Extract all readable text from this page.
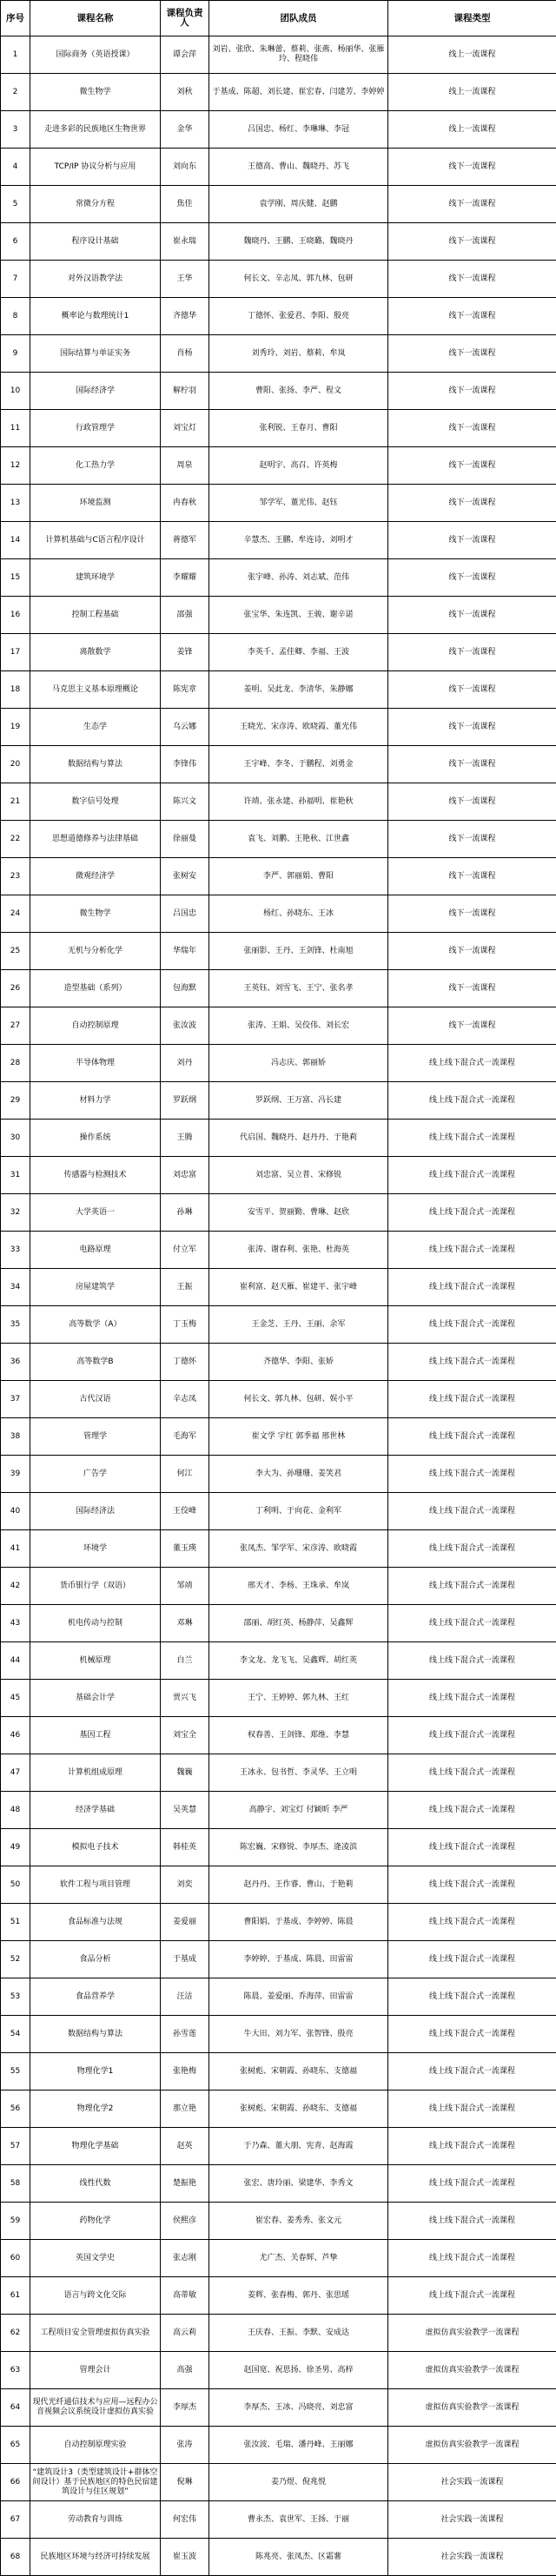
序号	课程名称	课程负责人	团队成员	课程类型
1	国际商务（英语授课）	谭会萍	刘岩、张欣、朱琳蕾、蔡莉、张燕、杨丽华、张雁玲、程晓伟	线上一流课程
2	微生物学	刘秋	于基成、陈超、刘长建、崔宏春、闫建芳、李婷婷	线上一流课程
3	走进多彩的民族地区生物世界	金华	吕国忠、杨红、李琳琳、李冠	线上一流课程
4	TCP/IP 协议分析与应用	刘向东	王德高、曹山、魏晓丹、苏飞	线下一流课程
5	常微分方程	焦佳	袁学刚、周庆健、赵鹏	线下一流课程
6	程序设计基础	崔永瑞	魏晓丹、王鹏、王晓璐、魏晓丹	线下一流课程
7	对外汉语教学法	王华	何长文、辛志凤、郭九林、包研	线下一流课程
8	概率论与数理统计1	齐德华	丁德怀、张爱君、李阳、殷亮	线下一流课程
9	国际结算与单证实务	肖杨	刘秀玲、刘岩、蔡莉、牟岚	线下一流课程
10	国际经济学	解柠羽	曹阳、张扬、李严、程文	线下一流课程
11	行政管理学	刘宝灯	张利锐、王春月、曹阳	线下一流课程
12	化工热力学	周泉	赵明宇、高召、许英梅	线下一流课程
13	环境监测	冉春秋	邹学军、董光伟、赵钰	线下一流课程
14	计算机基础与C语言程序设计	蒋德军	辛慧杰、王鹏、牟连诗、刘明才	线下一流课程
15	建筑环境学	李耀耀	张宇峰、孙涛、刘志斌、范伟	线下一流课程
16	控制工程基础	邵强	张宝华、朱连凯、王骏、谢辛诺	线下一流课程
17	离散数学	姜锋	李英千、孟佳卿、李福、王波	线下一流课程
18	马克思主义基本原理概论	陈宪章	姜明、吴此龙、李清华、朱静娜	线下一流课程
19	生态学	乌云娜	王晓光、宋彦涛、欧晓霞、董光伟	线下一流课程
20	数据结构与算法	李锋伟	王宇峰、李冬、于鹏程、刘勇金	线下一流课程
21	数字信号处理	陈兴文	许靖、张永建、孙福明、崔艳秋	线下一流课程
22	思想道德修养与法律基础	徐丽曼	袁飞、刘鹏、王艳秋、江世鑫	线下一流课程
23	微观经济学	张树安	李严、郭丽娟、曹阳	线下一流课程
24	微生物学	吕国忠	杨红、孙晓东、王冰	线下一流课程
25	无机与分析化学	华瑞年	张丽影、王丹、王剑锋、杜南旭	线下一流课程
26	造型基础（系列）	包海默	王英钰、刘雪飞、王宁、张名孝	线下一流课程
27	自动控制原理	张汝波	张涛、王娟、吴佼伟、刘长宏	线下一流课程
28	半导体物理	刘丹	冯志庆、郭丽娇	线上线下混合式一流课程
29	材料力学	罗跃纲	罗跃纲、王万富、冯长建	线上线下混合式一流课程
30	操作系统	王腾	代启国、魏晓丹、赵丹丹、于艳莉	线上线下混合式一流课程
31	传感器与检测技术	刘忠富	刘忠富、吴立普、宋修锐	线上线下混合式一流课程
32	大学英语一	孙琳	安雪平、贺丽勤、曹琳、赵欣	线上线下混合式一流课程
33	电路原理	付立军	张涛、谢春利、张艳、杜海英	线上线下混合式一流课程
34	房屋建筑学	王振	崔利富、赵天雁、崔建平、张宇峰	线上线下混合式一流课程
35	高等数学（A）	丁玉梅	王金芝、王丹、王丽、余军	线上线下混合式一流课程
36	高等数学B	丁德怀	齐德华、李阳、张娇	线上线下混合式一流课程
37	古代汉语	辛志凤	何长文、郭九林、包研、娱小平	线上线下混合式一流课程
38	管理学	毛海军	崔文学 宇红 郭季福 邢世林	线上线下混合式一流课程
39	广告学	何江	李大为、孙珊珊、姜笑君	线上线下混合式一流课程
40	国际经济法	王佼峰	丁利明、于向花、金利军	线上线下混合式一流课程
41	环境学	董玉瑛	张凤杰、邹学军、宋彦涛、欧晓霞	线上线下混合式一流课程
42	货币银行学（双语）	邹靖	邢天才、李杨、王珠承、牟岚	线上线下混合式一流课程
43	机电传动与控制	邓琳	邵丽、胡红英、杨静萍、吴鑫辉	线上线下混合式一流课程
44	机械原理	白兰	李文龙、龙飞飞、吴鑫辉、胡红英	线上线下混合式一流课程
45	基础会计学	贾兴飞	王宁、王婷婷、郭九林、王红	线上线下混合式一流课程
46	基因工程	刘宝全	权春善、王剑锋、郑维、李慧	线上线下混合式一流课程
47	计算机组成原理	魏巍	王冰永、包书哲、李灵华、王立明	线上线下混合式一流课程
48	经济学基础	吴英慧	高静宇、刘宝灯 付颖昕 李严	线上线下混合式一流课程
49	模拟电子技术	韩桂英	陈宏巍、宋修锐、李厚杰、逄凌滨	线上线下混合式一流课程
50	软件工程与项目管理	刘奕	赵丹丹、王作睿、曹山、于艳莉	线上线下混合式一流课程
51	食品标准与法规	姜爱丽	曹阳娟、于基成、李婷婷、陈晨	线上线下混合式一流课程
52	食品分析	于基成	李婷婷、于基成、陈晨、田雷雷	线上线下混合式一流课程
53	食品营养学	汪洁	陈晨、姜爱丽、乔海萍、田雷雷	线上线下混合式一流课程
54	数据结构与算法	孙雪莲	牛大田、刘力军、张智锋、殷亮	线上线下混合式一流课程
55	物理化学1	张艳梅	张树彪、宋朝霞、孙晓东、支德福	线上线下混合式一流课程
56	物理化学2	那立艳	张树彪、宋朝霞、孙晓东、支德福	线上线下混合式一流课程
57	物理化学基础	赵英	于乃森、董大朋、宪青、赵海霞	线上线下混合式一流课程
58	线性代数	楚振艳	张宏、唐玲丽、梁建华、李秀文	线上线下混合式一流课程
59	药物化学	侯熙彦	崔宏春、姜秀秀、张文元	线上线下混合式一流课程
60	英国文学史	张志刚	尤广杰、关春辉、芦挚	线上线下混合式一流课程
61	语言与跨文化交际	高蒂敏	姜辉、张春梅、郭丹、张思瑶	线上线下混合式一流课程
62	工程项目安全管理虚拟仿真实验	高云莉	王庆春、王振、李默、安成达	虚拟仿真实验教学一流课程
63	管理会计	高强	赵国宽、祝思扬、徐圣男、高梓	虚拟仿真实验教学一流课程
64	现代光纤通信技术与应用—远程办公音视频会议系统设计虚拟仿真实验	李厚杰	李厚杰、王冰、冯晓亮、刘忠富	虚拟仿真实验教学一流课程
65	自动控制原理实验	张涛	张汝波、毛瑞、潘丹峰、王丽娜	虚拟仿真实验教学一流课程
66	“建筑设计3（类型建筑设计+群体空间设计）基于民族地区的特色民宿建筑设计与住区规划”	倪琳	姜乃煜、倪兆悦	社会实践一流课程
67	劳动教育与训练	何宏伟	曹永杰、袁世军、王扬、于丽	社会实践一流课程
68	民族地区环境与经济可持续发展	崔玉波	陈兆亮、张凤杰、区霜薯	社会实践一流课程
